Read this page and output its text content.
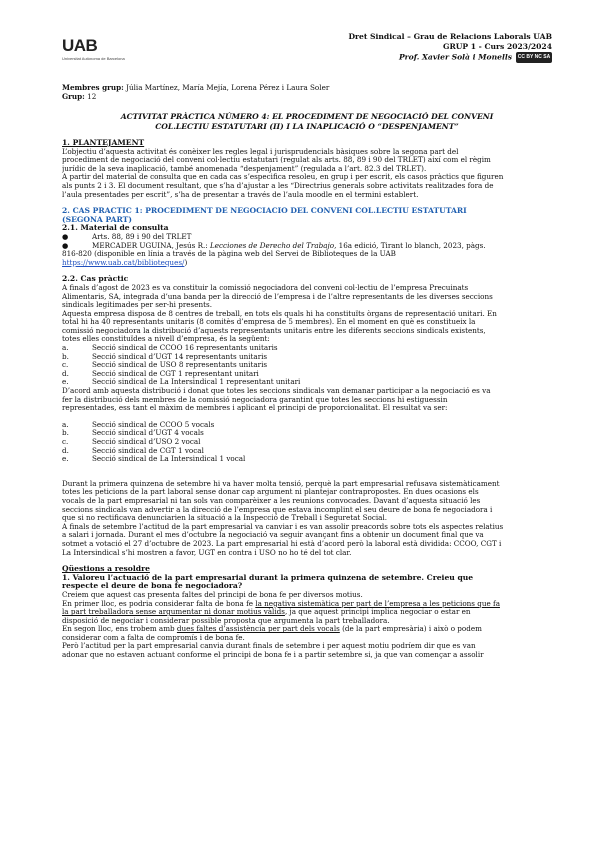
UAB
Universitat Autònoma de Barcelona
Dret Sindical – Grau de Relacions Laborals UAB
GRUP 1 - Curs 2023/2024
Prof. Xavier Solà i Monells CC BY NC SA
Membres grup: Júlia Martínez, María Mejía, Lorena Pérez i Laura Soler
Grup: 12
ACTIVITAT PRÀCTICA NÚMERO 4: EL PROCEDIMENT DE NEGOCIACIÓ DEL CONVENI
COL.LECTIU ESTATUTARI (II) I LA INAPLICACIÓ O “DESPENJAMENT”
1. PLANTEJAMENT
L’objectiu d’aquesta activitat és conèixer les regles legal i jurisprudencials bàsiques sobre la segona part del
procediment de negociació del conveni col·lectiu estatutari (regulat als arts. 88, 89 i 90 del TRLET) així com el règim
jurídic de la seva inaplicació, també anomenada “despenjament” (regulada a l’art. 82.3 del TRLET).
A partir del material de consulta que en cada cas s’especifica resoleu, en grup i per escrit, els casos pràctics que figuren
als punts 2 i 3. El document resultant, que s’ha d’ajustar a les “Directrius generals sobre activitats realitzades fora de
l’aula presentades per escrit”, s’ha de presentar a través de l’aula moodle en el termini establert.
2. CAS PRÀCTIC 1: PROCEDIMENT DE NEGOCIACIÓ DEL CONVENI COL.LECTIU ESTATUTARI
(SEGONA PART)
2.1. Material de consulta
●	Arts. 88, 89 i 90 del TRLET
●	MERCADER UGUINA, Jesús R.: Lecciones de Derecho del Trabajo, 16a edició, Tirant lo blanch, 2023, pàgs.
816-820 (disponible en línia a través de la pàgina web del Servei de Biblioteques de la UAB
https://www.uab.cat/biblioteques/)
2.2. Cas pràctic
A finals d’agost de 2023 es va constituir la comissió negociadora del conveni col·lectiu de l’empresa Precuinats
Alimentaris, SA, integrada d’una banda per la direcció de l’empresa i de l’altre representants de les diverses seccions
sindicals legitimades per ser-hi presents.
Aquesta empresa disposa de 8 centres de treball, en tots els quals hi ha constituïts òrgans de representació unitari. En
total hi ha 40 representants unitaris (8 comitès d’empresa de 5 membres). En el moment en què es constitueix la
comissió negociadora la distribució d’aquests representants unitaris entre les diferents seccions sindicals existents,
totes elles constituïdes a nivell d’empresa, és la següent:
a.	Secció sindical de CCOO 16 representants unitaris
b.	Secció sindical d’UGT 14 representants unitaris
c.	Secció sindical de USO 8 representants unitaris
d.	Secció sindical de CGT 1 representant unitari
e.	Secció sindical de La Intersindical 1 representant unitari
D’acord amb aquesta distribució i donat que totes les seccions sindicals van demanar participar a la negociació es va
fer la distribució dels membres de la comissió negociadora garantint que totes les seccions hi estiguessin
representades, ess tant el màxim de membres i aplicant el principi de proporcionalitat. El resultat va ser:
a.	Secció sindical de CCOO 5 vocals
b.	Secció sindical d’UGT 4 vocals
c.	Secció sindical d’USO 2 vocal
d.	Secció sindical de CGT 1 vocal
e.	Secció sindical de La Intersindical 1 vocal
Durant la primera quinzena de setembre hi va haver molta tensió, perquè la part empresarial refusava sistemàticament
totes les peticions de la part laboral sense donar cap argument ni plantejar contrapropostes. En dues ocasions els
vocals de la part empresarial ni tan sols van comparèixer a les reunions convocades. Davant d’aquesta situació les
seccions sindicals van advertir a la direcció de l’empresa que estava incomplint el seu deure de bona fe negociadora i
que si no rectificava denunciarien la situació a la Inspecció de Treball i Seguretat Social.
A finals de setembre l’actitud de la part empresarial va canviar i es van assolir preacords sobre tots els aspectes relatius
a salari i jornada. Durant el mes d’octubre la negociació va seguir avançant fins a obtenir un document final que va
sotmet a votació el 27 d’octubre de 2023. La part empresarial hi està d’acord però la laboral està dividida: CCOO, CGT i
La Intersindical s’hi mostren a favor, UGT en contra i USO no ho té del tot clar.
Qüestions a resoldre
1. Valoreu l’actuació de la part empresarial durant la primera quinzena de setembre. Creieu que
respecte el deure de bona fe negociadora?
Creiem que aquest cas presenta faltes del principi de bona fe per diversos motius.
En primer lloc, es podria considerar falta de bona fe la negativa sistemàtica per part de l’empresa a les peticions que fa
la part treballadora sense argumentar ni donar motius vàlids, ja que aquest principi implica negociar o estar en
disposició de negociar i considerar possible proposta que argumenta la part treballadora.
En segon lloc, ens trobem amb dues faltes d’assistència per part dels vocals (de la part empresària) i això o podem
considerar com a falta de compromís i de bona fe.
Però l’actitud per la part empresarial canvia durant finals de setembre i per aquest motiu podríem dir que es van
adonar que no estaven actuant conforme el principi de bona fe i a partir setembre si, ja que van començar a assolir
